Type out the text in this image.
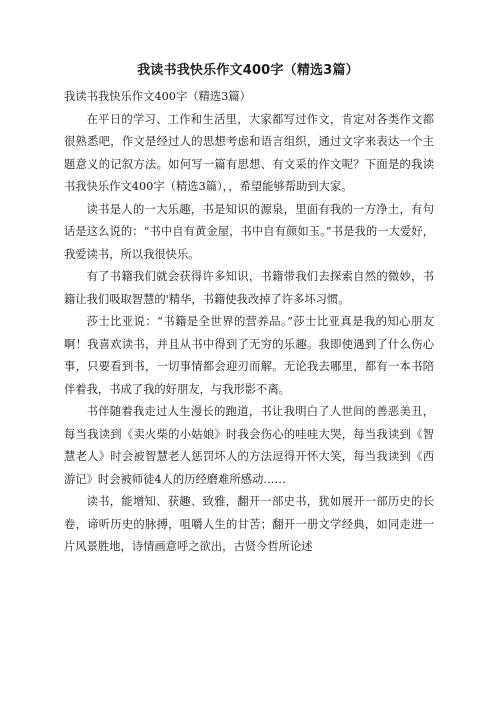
我读书我快乐作文400字（精选3篇）

我读书我快乐作文400字（精选3篇）

在平日的学习、工作和生活里，大家都写过作文，肯定对各类作文都很熟悉吧，作文是经过人的思想考虑和语言组织，通过文字来表达一个主题意义的记叙方法。如何写一篇有思想、有文采的作文呢？下面是的我读书我快乐作文400字（精选3篇），，希望能够帮助到大家。

读书是人的一大乐趣，书是知识的源泉，里面有我的一方净土，有句话是这么说的：“书中自有黄金屋，书中自有颜如玉。”书是我的一大爱好，我爱读书，所以我很快乐。

有了书籍我们就会获得许多知识，书籍带我们去探索自然的微妙，书籍让我们吸取智慧的'精华，书籍使我改掉了许多坏习惯。

莎士比亚说：“书籍是全世界的营养品。”莎士比亚真是我的知心朋友啊！我喜欢读书，并且从书中得到了无穷的乐趣。我即使遇到了什么伤心事，只要看到书，一切事情都会迎刃而解。无论我去哪里，都有一本书陪伴着我，书成了我的好朋友，与我形影不离。

书伴随着我走过人生漫长的跑道，书让我明白了人世间的善恶美丑，每当我读到《卖火柴的小姑娘》时我会伤心的哇哇大哭，每当我读到《智慧老人》时会被智慧老人惩罚坏人的方法逗得开怀大笑，每当我读到《西游记》时会被师徒4人的历经磨难所感动……

读书，能增知、获趣、致雅，翻开一部史书，犹如展开一部历史的长卷，谛听历史的脉搏，咀嚼人生的甘苦；翻开一册文学经典，如同走进一片风景胜地，诗情画意呼之欲出，古贤今哲所论述
